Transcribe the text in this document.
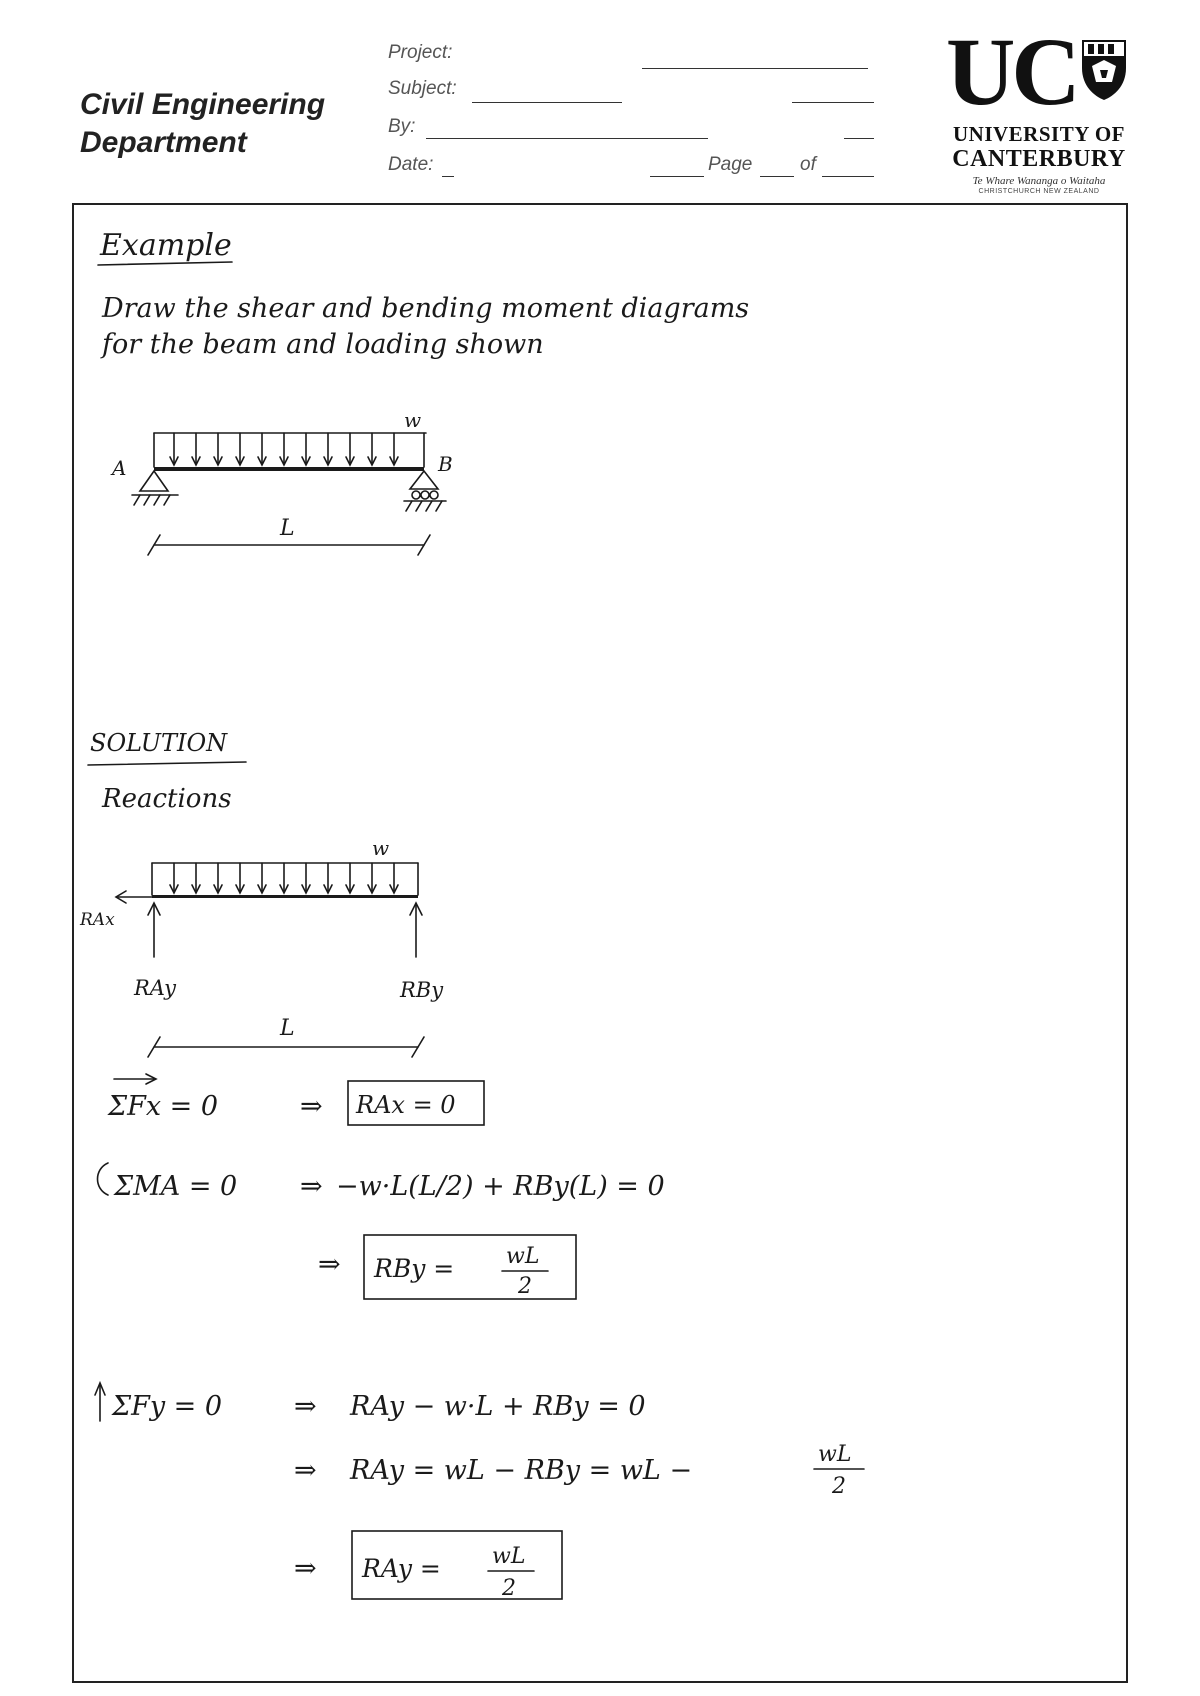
Civil Engineering
Department
Project:
Subject:
By:
Date:	Page	of
UC
UNIVERSITY OF
CANTERBURY
Te Whare Wananga o Waitaha
CHRISTCHURCH NEW ZEALAND
Example
Draw the shear and bending moment diagrams
for the beam and loading shown
w
A	B
L
SOLUTION
Reactions
w
RAx
RAy	RBy
L
ΣFx = 0	⇒ RAx = 0
ΣMA = 0 ⇒ −w·L(L/2) + RBy(L) = 0
⇒ RBy = wL
2
ΣFy = 0	⇒ RAy − w·L + RBy = 0
⇒ RAy = wL − RBy = wL −
wL
2
⇒ RAy = wL
2
